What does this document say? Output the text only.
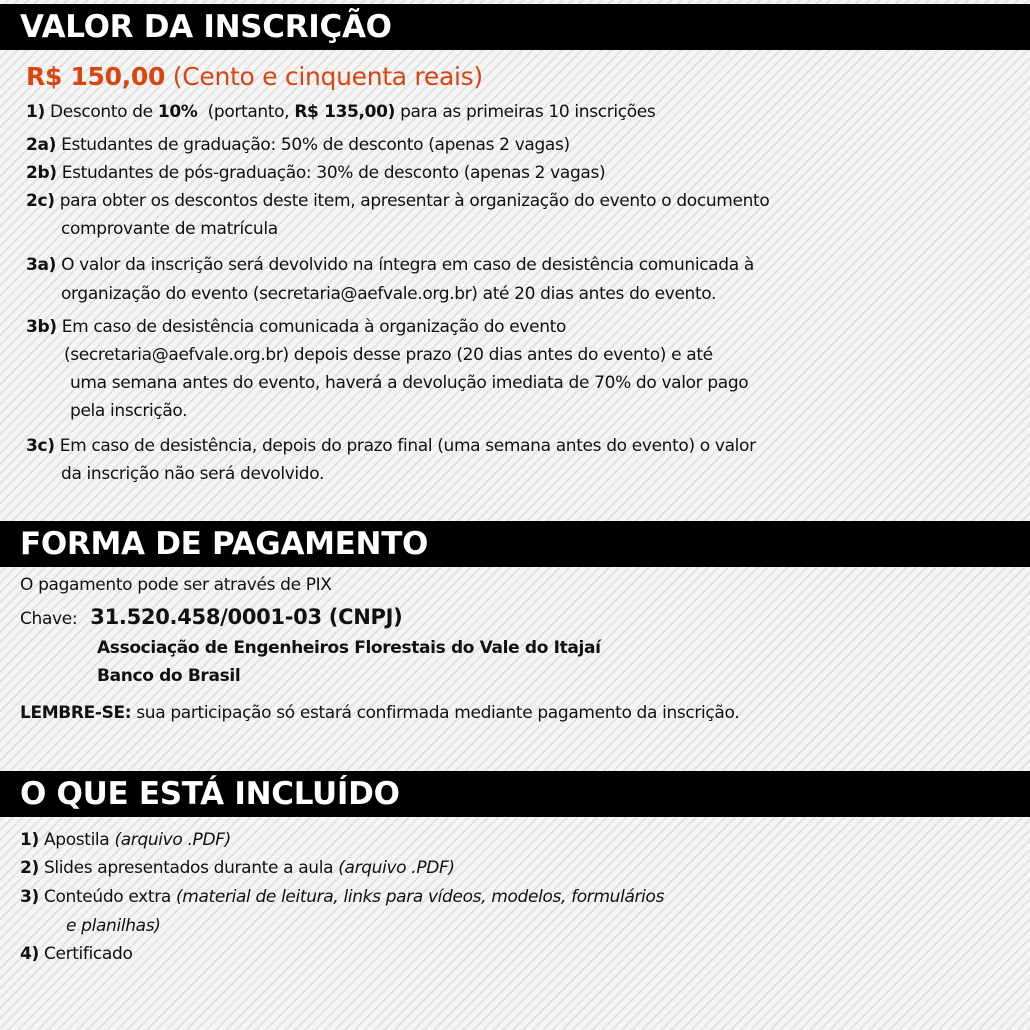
VALOR DA INSCRIÇÃO
R$ 150,00 (Cento e cinquenta reais)
1) Desconto de 10% (portanto, R$ 135,00) para as primeiras 10 inscrições
2a) Estudantes de graduação: 50% de desconto (apenas 2 vagas)
2b) Estudantes de pós-graduação: 30% de desconto (apenas 2 vagas)
2c) para obter os descontos deste item, apresentar à organização do evento o documento
comprovante de matrícula
3a) O valor da inscrição será devolvido na íntegra em caso de desistência comunicada à
organização do evento (secretaria@aefvale.org.br) até 20 dias antes do evento.
3b) Em caso de desistência comunicada à organização do evento
(secretaria@aefvale.org.br) depois desse prazo (20 dias antes do evento) e até
uma semana antes do evento, haverá a devolução imediata de 70% do valor pago
pela inscrição.
3c) Em caso de desistência, depois do prazo final (uma semana antes do evento) o valor
da inscrição não será devolvido.
FORMA DE PAGAMENTO
O pagamento pode ser através de PIX
Chave: 31.520.458/0001-03 (CNPJ)
Associação de Engenheiros Florestais do Vale do Itajaí
Banco do Brasil
LEMBRE-SE: sua participação só estará confirmada mediante pagamento da inscrição.
O QUE ESTÁ INCLUÍDO
1) Apostila (arquivo .PDF)
2) Slides apresentados durante a aula (arquivo .PDF)
3) Conteúdo extra (material de leitura, links para vídeos, modelos, formulários
e planilhas)
4) Certificado
